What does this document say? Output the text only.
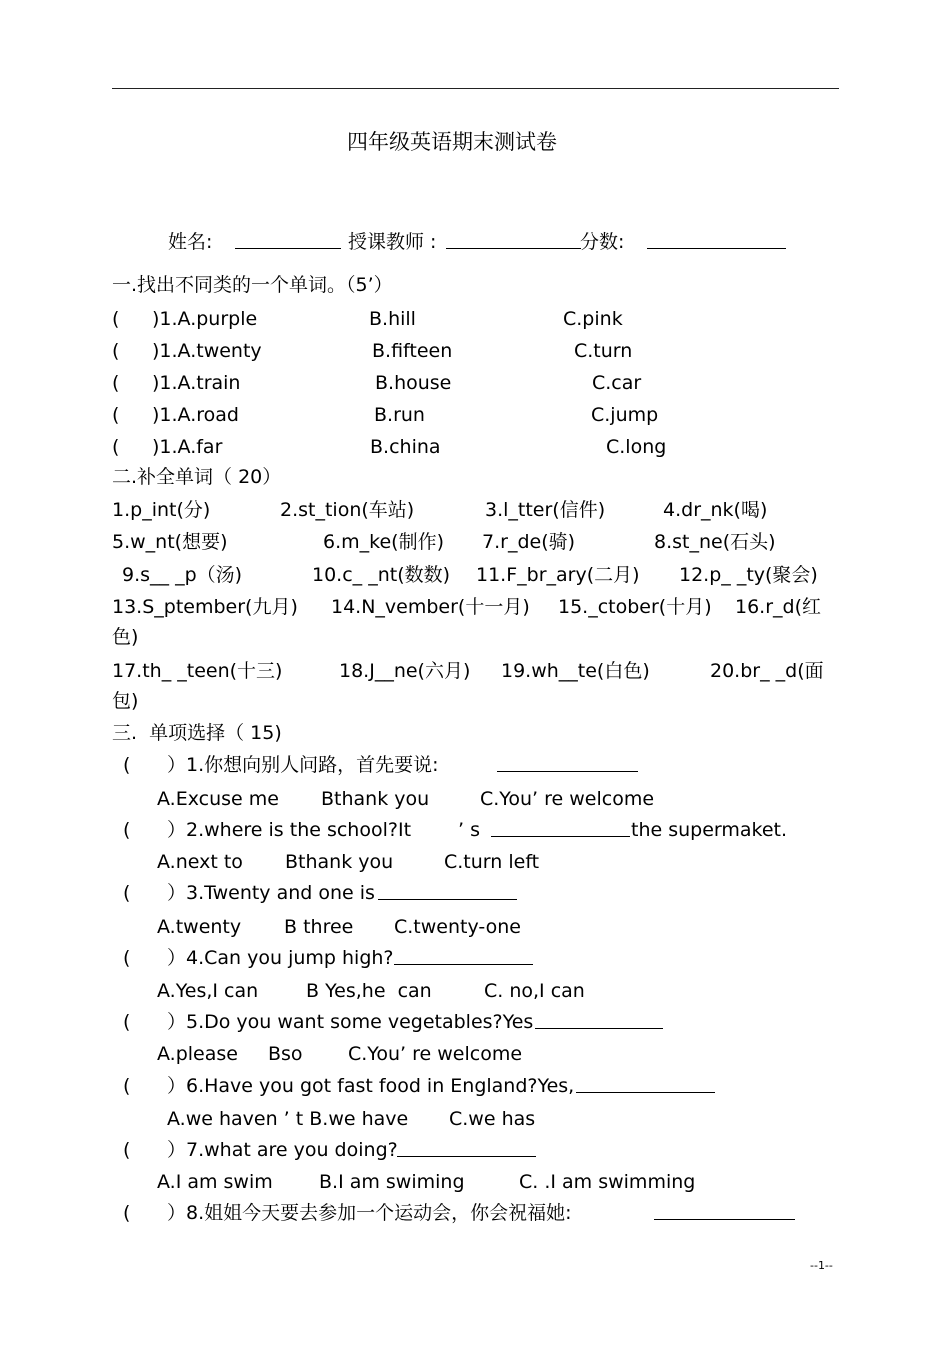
四年级英语期末测试卷
姓名:	授课教师 :	分数:
一.找出不同类的一个单词。（5’）
( )1.A.purple	B.hill	C.pink
( )1.A.twenty	B.fifteen	C.turn
( )1.A.train	B.house	C.car
( )1.A.road	B.run	C.jump
( )1.A.far	B.china	C.long
二.补全单词（ 20）
1.p_int(分)	2.st_tion(车站)	3.l_tter(信件)	4.dr_nk(喝)
5.w_nt(想要)	6.m_ke(制作) 7.r_de(骑)	8.st_ne(石头)
9.s__ _p（汤)	10.c_ _nt(数数) 11.F_br_ary(二月) 12.p_ _ty(聚会)
13.S_ptember(九月) 14.N_vember(十一月) 15._ctober(十月) 16.r_d(红
色)
17.th_ _teen(十三)	18.J__ne(六月) 19.wh__te(白色)	20.br_ _d(面
包)
三.  单项选择（ 15)
( ）1.你想向别人问路，首先要说:
A.Excuse me Bthank you	C.You’ re welcome
( ）2.where is the school?It ’ s	the supermaket.
A.next to Bthank you	C.turn left
( ）3.Twenty and one is
A.twenty B three C.twenty-one
( ）4.Can you jump high?
A.Yes,I can	B Yes,he  can	C. no,I can
( ）5.Do you want some vegetables?Yes
A.please Bso C.You’ re welcome
( ）6.Have you got fast food in England?Yes,
A.we haven ’ t B.we have C.we has
( ）7.what are you doing?
A.I am swim B.I am swiming	C. .I am swimming
( ）8.姐姐今天要去参加一个运动会，你会祝福她:
--1--
